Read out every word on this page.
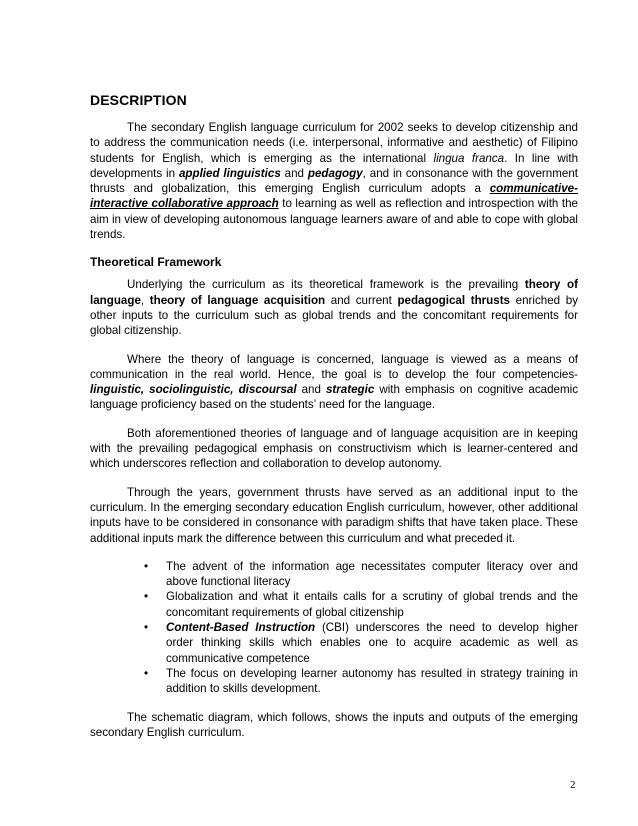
DESCRIPTION

The secondary English language curriculum for 2002 seeks to develop citizenship and to address the communication needs (i.e. interpersonal, informative and aesthetic) of Filipino students for English, which is emerging as the international lingua franca. In line with developments in applied linguistics and pedagogy, and in consonance with the government thrusts and globalization, this emerging English curriculum adopts a communicative-interactive collaborative approach to learning as well as reflection and introspection with the aim in view of developing autonomous language learners aware of and able to cope with global trends.

Theoretical Framework

Underlying the curriculum as its theoretical framework is the prevailing theory of language, theory of language acquisition and current pedagogical thrusts enriched by other inputs to the curriculum such as global trends and the concomitant requirements for global citizenship.

Where the theory of language is concerned, language is viewed as a means of communication in the real world. Hence, the goal is to develop the four competencies- linguistic, sociolinguistic, discoursal and strategic with emphasis on cognitive academic language proficiency based on the students’ need for the language.

Both aforementioned theories of language and of language acquisition are in keeping with the prevailing pedagogical emphasis on constructivism which is learner-centered and which underscores reflection and collaboration to develop autonomy.

Through the years, government thrusts have served as an additional input to the curriculum. In the emerging secondary education English curriculum, however, other additional inputs have to be considered in consonance with paradigm shifts that have taken place. These additional inputs mark the difference between this curriculum and what preceded it.

• The advent of the information age necessitates computer literacy over and above functional literacy
• Globalization and what it entails calls for a scrutiny of global trends and the concomitant requirements of global citizenship
• Content-Based Instruction (CBI) underscores the need to develop higher order thinking skills which enables one to acquire academic as well as communicative competence
• The focus on developing learner autonomy has resulted in strategy training in addition to skills development.

The schematic diagram, which follows, shows the inputs and outputs of the emerging secondary English curriculum.

2
